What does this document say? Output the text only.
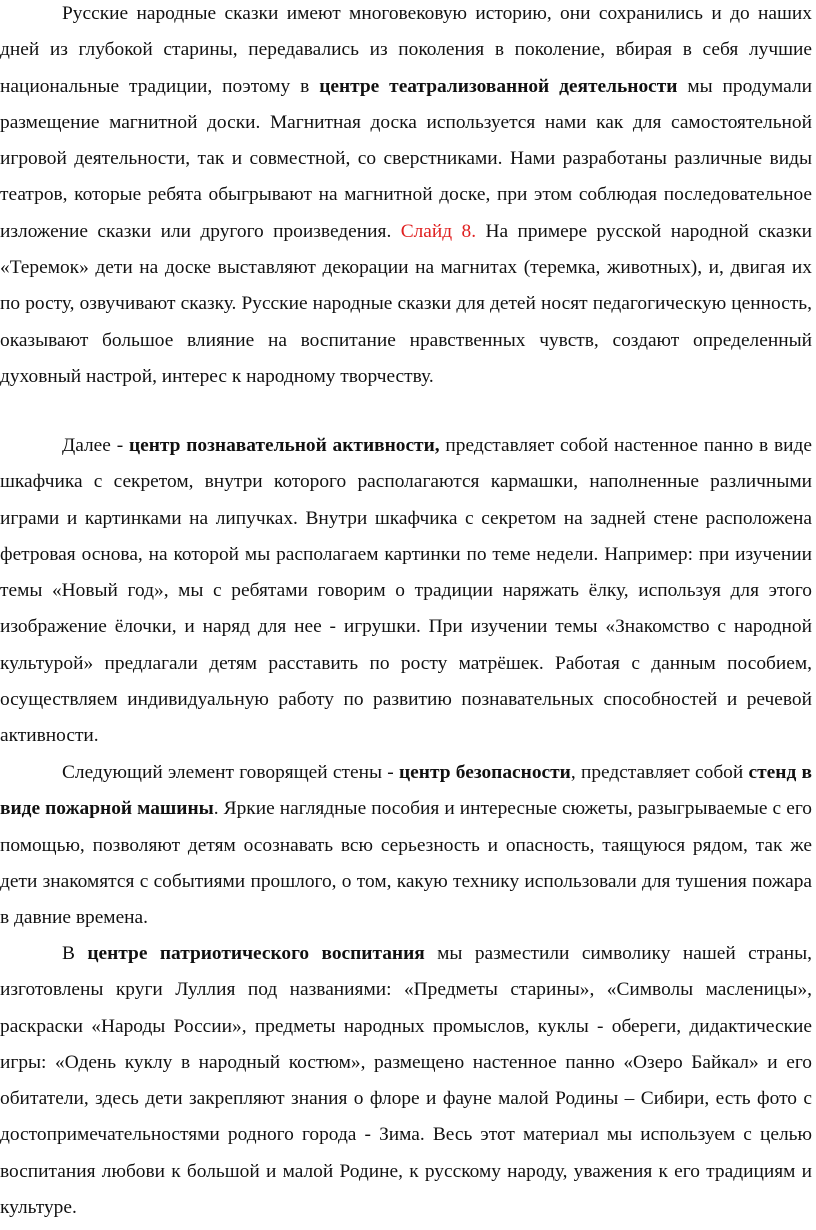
Русские народные сказки имеют многовековую историю, они сохранились и до наших дней из глубокой старины, передавались из поколения в поколение, вбирая в себя лучшие национальные традиции, поэтому в центре театрализованной деятельности мы продумали размещение магнитной доски. Магнитная доска используется нами как для самостоятельной игровой деятельности, так и совместной, со сверстниками. Нами разработаны различные виды театров, которые ребята обыгрывают на магнитной доске, при этом соблюдая последовательное изложение сказки или другого произведения. Слайд 8. На примере русской народной сказки «Теремок» дети на доске выставляют декорации на магнитах (теремка, животных), и, двигая их по росту, озвучивают сказку. Русские народные сказки для детей носят педагогическую ценность, оказывают большое влияние на воспитание нравственных чувств, создают определенный духовный настрой, интерес к народному творчеству.

Далее - центр познавательной активности, представляет собой настенное панно в виде шкафчика с секретом, внутри которого располагаются кармашки, наполненные различными играми и картинками на липучках. Внутри шкафчика с секретом на задней стене расположена фетровая основа, на которой мы располагаем картинки по теме недели. Например: при изучении темы «Новый год», мы с ребятами говорим о традиции наряжать ёлку, используя для этого изображение ёлочки, и наряд для нее - игрушки. При изучении темы «Знакомство с народной культурой» предлагали детям расставить по росту матрёшек. Работая с данным пособием, осуществляем индивидуальную работу по развитию познавательных способностей и речевой активности.

Следующий элемент говорящей стены - центр безопасности, представляет собой стенд в виде пожарной машины. Яркие наглядные пособия и интересные сюжеты, разыгрываемые с его помощью, позволяют детям осознавать всю серьезность и опасность, таящуюся рядом, так же дети знакомятся с событиями прошлого, о том, какую технику использовали для тушения пожара в давние времена.

В центре патриотического воспитания мы разместили символику нашей страны, изготовлены круги Луллия под названиями: «Предметы старины», «Символы масленицы», раскраски «Народы России», предметы народных промыслов, куклы - обереги, дидактические игры: «Одень куклу в народный костюм», размещено настенное панно «Озеро Байкал» и его обитатели, здесь дети закрепляют знания о флоре и фауне малой Родины – Сибири, есть фото с достопримечательностями родного города - Зима. Весь этот материал мы используем с целью воспитания любови к большой и малой Родине, к русскому народу, уважения к его традициям и культуре.
